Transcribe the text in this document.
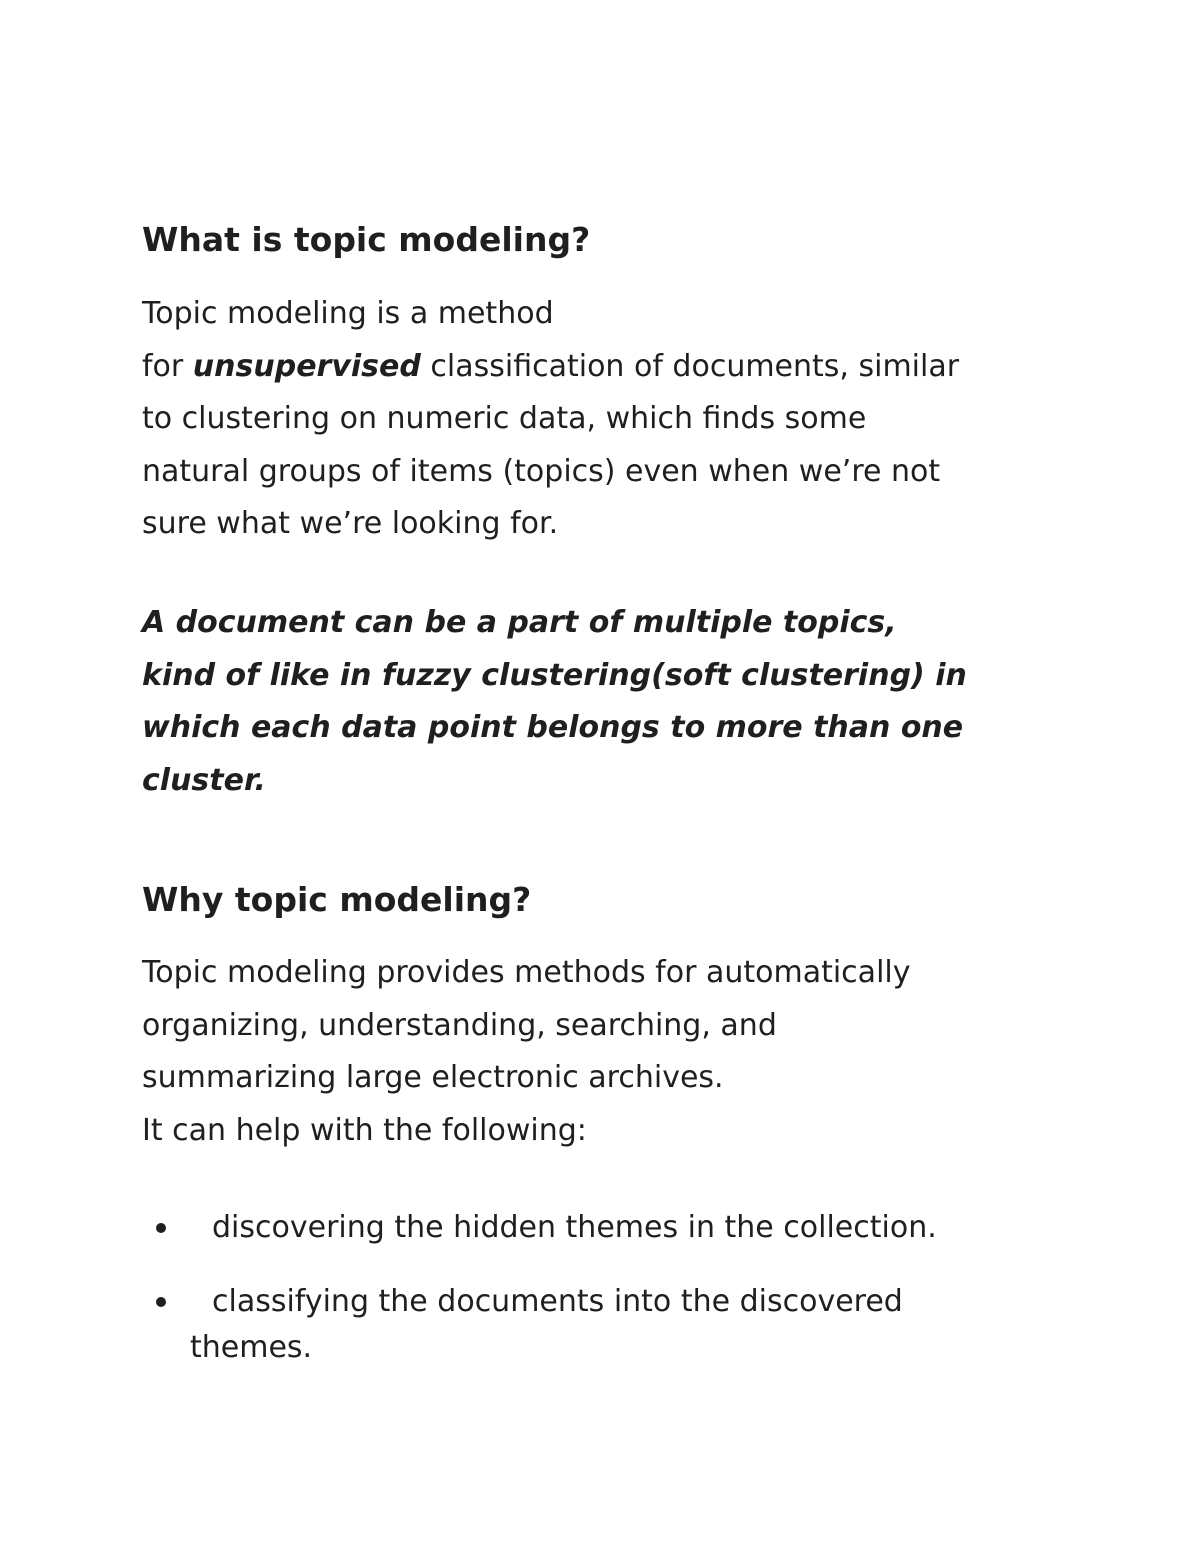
What is topic modeling?

Topic modeling is a method
for unsupervised classification of documents, similar
to clustering on numeric data, which finds some
natural groups of items (topics) even when we’re not
sure what we’re looking for.

A document can be a part of multiple topics,
kind of like in fuzzy clustering(soft clustering) in
which each data point belongs to more than one
cluster.

Why topic modeling?

Topic modeling provides methods for automatically
organizing, understanding, searching, and
summarizing large electronic archives.
It can help with the following:

discovering the hidden themes in the collection.
classifying the documents into the discovered
themes.
